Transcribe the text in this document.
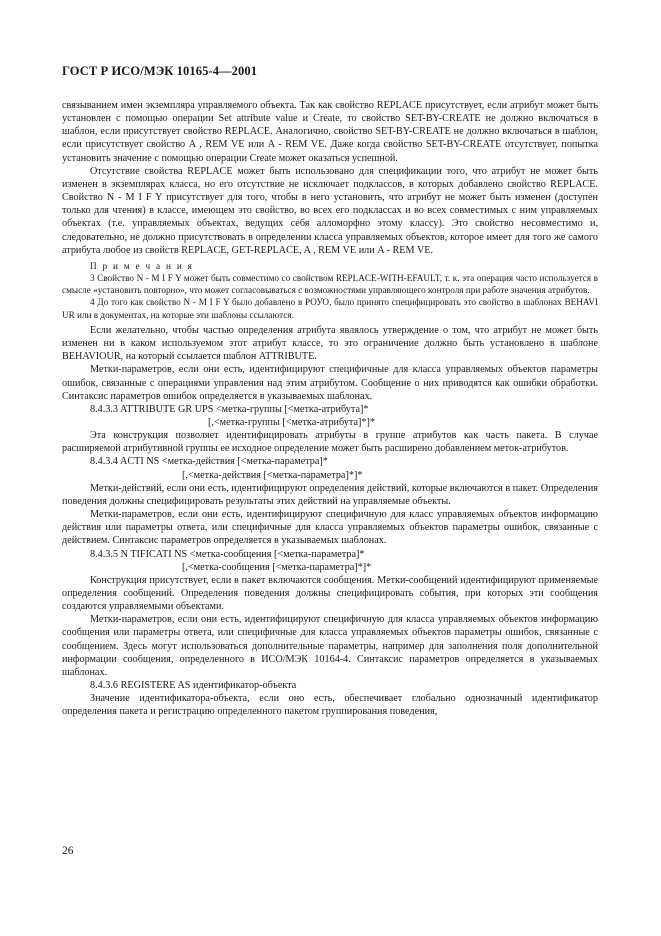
ГОСТ Р ИСО/МЭК 10165-4—2001

связыванием имен экземпляра управляемого объекта. Так как свойство REPLACE присутствует, если атрибут может быть установлен с помощью операции Set attribute value и Create, то свойство SET-BY-CREATE не должно включаться в шаблон, если присутствует свойство REPLACE. Аналогично, свойство SET-BY-CREATE не должно включаться в шаблон, если присутствует свойство A , REM VE или A - REM VE. Даже когда свойство SET-BY-CREATE отсутствует, попытка установить значение с помощью операции Create может оказаться успешной.

Отсутствие свойства REPLACE может быть использовано для спецификации того, что атрибут не может быть изменен в экземплярах класса, но его отсутствие не исключает подклассов, в которых добавлено свойство REPLACE. Свойство N - M I F Y присутствует для того, чтобы в него установить, что атрибут не может быть изменен (доступен только для чтения) в классе, имеющем это свойство, во всех его подклассах и во всех совместимых с ним управляемых объектах (т.е. управляемых объектах, ведущих себя алломорфно этому классу). Это свойство несовместимо и, следовательно, не должно присутствовать в определении класса управляемых объектов, которое имеет для того же самого атрибута любое из свойств REPLACE, GET-REPLACE, A , REM VE или A - REM VE.

П р и м е ч а н и я

3 Свойство N - M I F Y может быть совместимо со свойством REPLACE-WITH-EFAULT, т. к. эта операция часто используется в смысле «установить повторно», что может согласовываться с возможностями управляющего контроля при работе значения атрибутов.

4 До того как свойство N - M I F Y было добавлено в РОУО, было принято специфицировать это свойство в шаблонах BEHAVI UR или в документах, на которые эти шаблоны ссылаются.

Если желательно, чтобы частью определения атрибута являлось утверждение о том, что атрибут не может быть изменен ни в каком используемом этот атрибут классе, то это ограничение должно быть установлено в шаблоне BEHAVIOUR, на который ссылается шаблон ATTRIBUTE.

Метки-параметров, если они есть, идентифицируют специфичные для класса управляемых объектов параметры ошибок, связанные с операциями управления над этим атрибутом. Сообщение о них приводятся как ошибки обработки. Синтаксис параметров ошибок определяется в указываемых шаблонах.

8.4.3.3 ATTRIBUTE GR UPS <метка-группы [<метка-атрибута]*

[,<метка-группы [<метка-атрибута]*]*

Эта конструкция позволяет идентифицировать атрибуты в группе атрибутов как часть пакета. В случае расширяемой атрибутивной группы ее исходное определение может быть расширено добавлением меток-атрибутов.

8.4.3.4 ACTI NS <метка-действия [<метка-параметра]*

[,<метка-действия [<метка-параметра]*]*

Метки-действий, если они есть, идентифицируют определения действий, которые включаются в пакет. Определения поведения должны специфицировать результаты этих действий на управляемые объекты.

Метки-параметров, если они есть, идентифицируют специфичную для класс управляемых объектов информацию действия или параметры ответа, или специфичные для класса управляемых объектов параметры ошибок, связанные с действием. Синтаксис параметров определяется в указываемых шаблонах.

8.4.3.5 N TIFICATI NS <метка-сообщения [<метка-параметра]*

[,<метка-сообщения [<метка-параметра]*]*

Конструкция присутствует, если в пакет включаются сообщения. Метки-сообщений идентифицируют применяемые определения сообщений. Определения поведения должны специфицировать события, при которых эти сообщения создаются управляемыми объектами.

Метки-параметров, если они есть, идентифицируют специфичную для класса управляемых объектов информацию сообщения или параметры ответа, или специфичные для класса управляемых объектов параметры ошибок, связанные с сообщением. Здесь могут использоваться дополнительные параметры, например для заполнения поля дополнительной информации сообщения, определенного в ИСО/МЭК 10164-4. Синтаксис параметров определяется в указываемых шаблонах.

8.4.3.6 REGISTERE AS идентификатор-объекта

Значение идентификатора-объекта, если оно есть, обеспечивает глобально однозначный идентификатор определения пакета и регистрацию определенного пакетом группирования поведения,

26
